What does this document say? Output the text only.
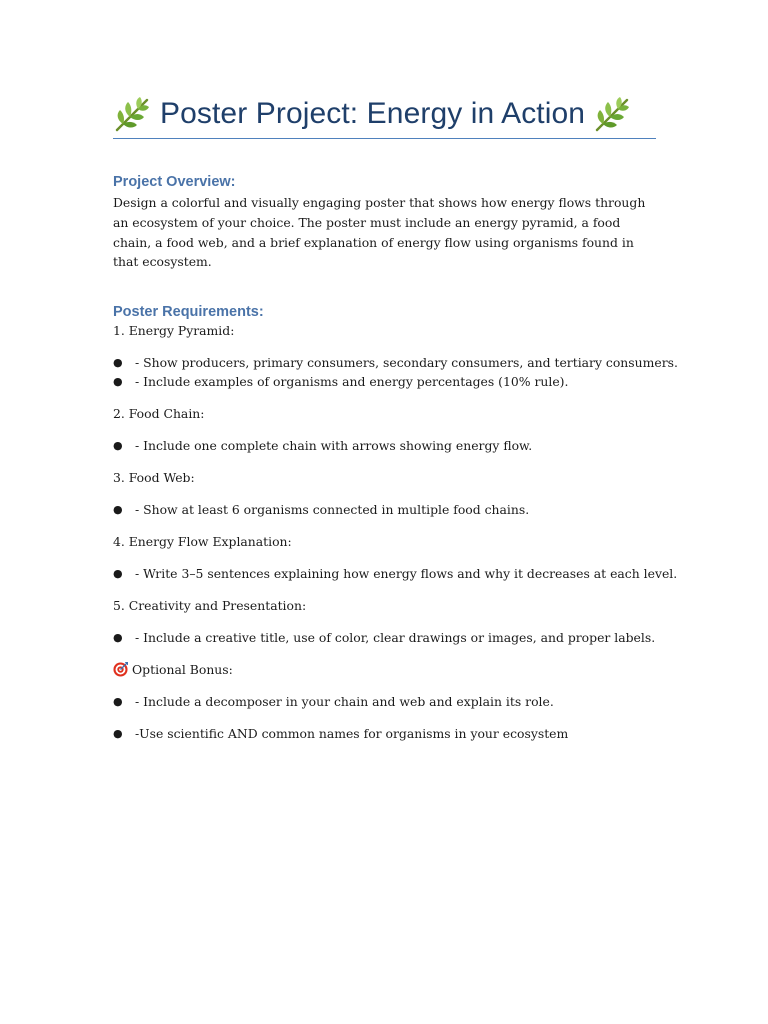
Poster Project: Energy in Action
Project Overview:
Design a colorful and visually engaging poster that shows how energy flows through an ecosystem of your choice. The poster must include an energy pyramid, a food chain, a food web, and a brief explanation of energy flow using organisms found in that ecosystem.
Poster Requirements:
1. Energy Pyramid:
● - Show producers, primary consumers, secondary consumers, and tertiary consumers.
● - Include examples of organisms and energy percentages (10% rule).
2. Food Chain:
● - Include one complete chain with arrows showing energy flow.
3. Food Web:
● - Show at least 6 organisms connected in multiple food chains.
4. Energy Flow Explanation:
● - Write 3–5 sentences explaining how energy flows and why it decreases at each level.
5. Creativity and Presentation:
● - Include a creative title, use of color, clear drawings or images, and proper labels.
Optional Bonus:
● - Include a decomposer in your chain and web and explain its role.
● -Use scientific AND common names for organisms in your ecosystem
